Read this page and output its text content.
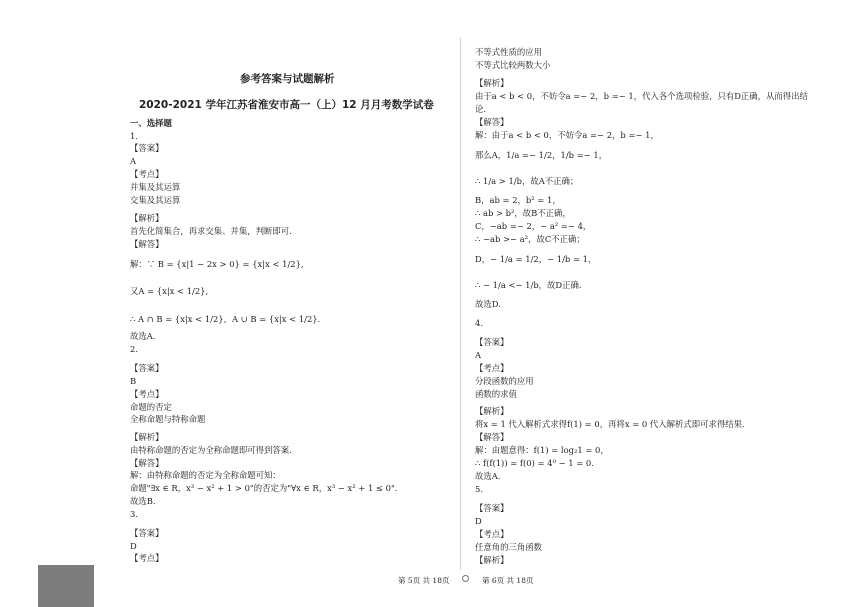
参考答案与试题解析
2020-2021 学年江苏省淮安市高一（上）12 月月考数学试卷
一、选择题
1.
【答案】
A
【考点】
并集及其运算
交集及其运算
【解析】
首先化简集合，再求交集、并集，判断即可.
【解答】
解：∵ B = {x|1 − 2x > 0} = {x|x < 1/2},
又A = {x|x < 1/2},
∴ A ∩ B = {x|x < 1/2}，A ∪ B = {x|x < 1/2}.
故选A.
2.
【答案】
B
【考点】
命题的否定
全称命题与特称命题
【解析】
由特称命题的否定为全称命题即可得到答案.
【解答】
解：由特称命题的否定为全称命题可知：
命题"∃x ∈ R，x³ − x² + 1 > 0"的否定为"∀x ∈ R，x³ − x² + 1 ≤ 0".
故选B.
3.
【答案】
D
【考点】
不等式性质的应用
不等式比较两数大小
【解析】
由于a < b < 0，不妨令a =− 2，b =− 1，代入各个选项检验，只有D正确，从而得出结
论.
【解答】
解：由于a < b < 0，不妨令a =− 2，b =− 1，
那么A，1/a =− 1/2，1/b =− 1，
∴ 1/a > 1/b，故A不正确；
B，ab = 2，b² = 1，
∴ ab > b²，故B不正确，
C，−ab =− 2，− a² =− 4，
∴ −ab >− a²，故C不正确；
D，− 1/a = 1/2，− 1/b = 1，
∴ − 1/a <− 1/b，故D正确.
故选D.
4.
【答案】
A
【考点】
分段函数的应用
函数的求值
【解析】
将x = 1 代入解析式求得f(1) = 0，再将x = 0 代入解析式即可求得结果.
【解答】
解：由题意得：f(1) = log₂1 = 0，
∴ f(f(1)) = f(0) = 4⁰ − 1 = 0.
故选A.
5.
【答案】
D
【考点】
任意角的三角函数
【解析】
第 5页 共 18页	第 6页 共 18页
